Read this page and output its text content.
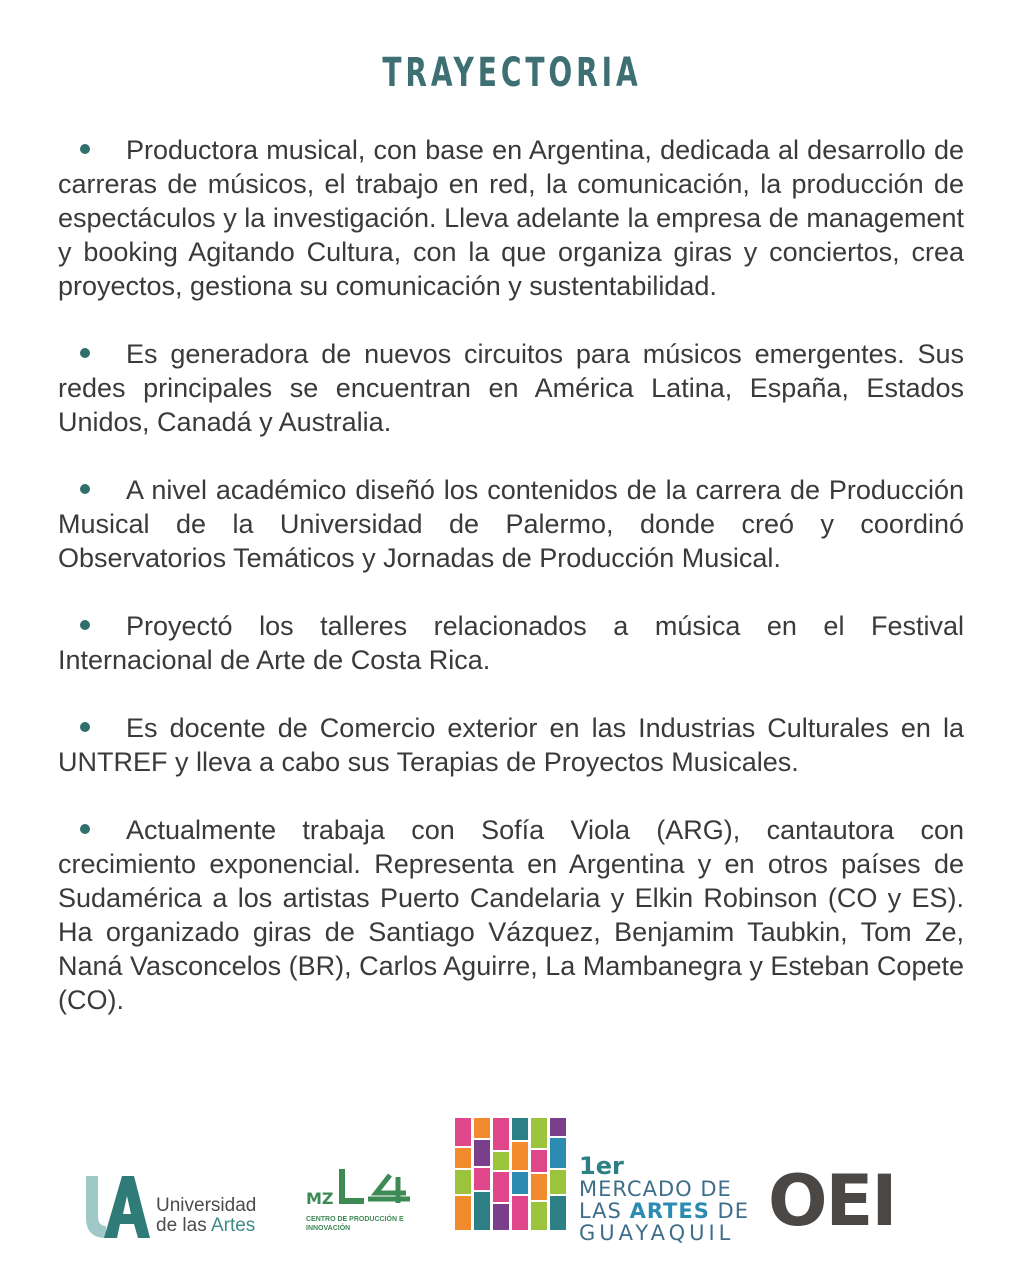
TRAYECTORIA
Productora musical, con base en Argentina, dedicada al desarrollo de carreras de músicos, el trabajo en red, la comunicación, la producción de espectáculos y la investigación. Lleva adelante la empresa de management y booking Agitando Cultura, con la que organiza giras y conciertos, crea proyectos, gestiona su comunicación y sustentabilidad.
Es generadora de nuevos circuitos para músicos emergentes. Sus redes principales se encuentran en América Latina, España, Estados Unidos, Canadá y Australia.
A nivel académico diseñó los contenidos de la carrera de Producción Musical de la Universidad de Palermo, donde creó y coordinó Observatorios Temáticos y Jornadas de Producción Musical.
Proyectó los talleres relacionados a música en el Festival Internacional de Arte de Costa Rica.
Es docente de Comercio exterior en las Industrias Culturales en la UNTREF y lleva a cabo sus Terapias de Proyectos Musicales.
Actualmente trabaja con Sofía Viola (ARG), cantautora con crecimiento exponencial. Representa en Argentina y en otros países de Sudamérica a los artistas Puerto Candelaria y Elkin Robinson (CO y ES). Ha organizado giras de Santiago Vázquez, Benjamim Taubkin, Tom Ze, Naná Vasconcelos (BR), Carlos Aguirre, La Mambanegra y Esteban Copete (CO).
Universidad
de las Artes
MZ
CENTRO DE PRODUCCIÓN E INNOVACIÓN
1er
MERCADO DE
LAS ARTES DE
GUAYAQUIL OEI
